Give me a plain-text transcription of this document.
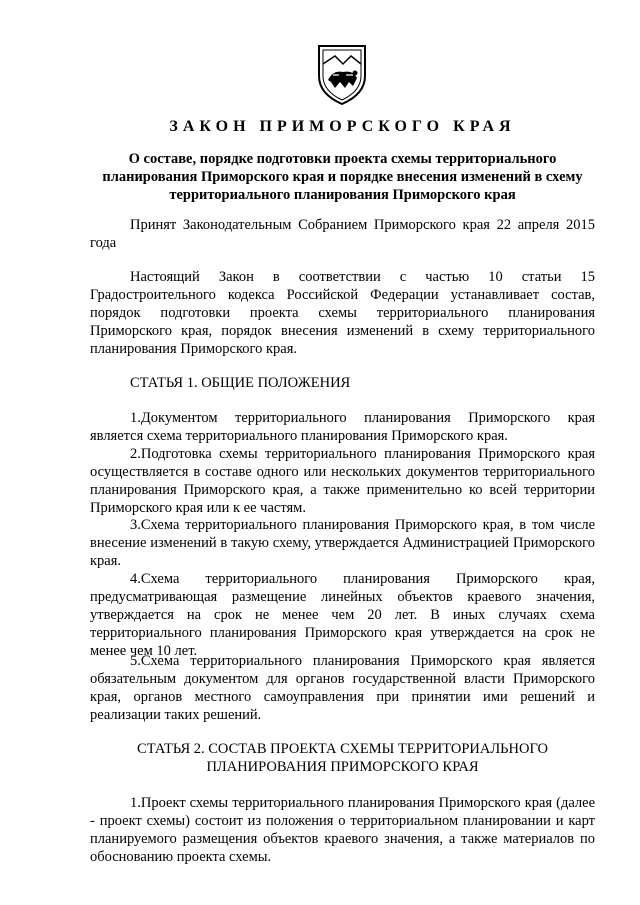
ЗАКОН ПРИМОРСКОГО КРАЯ
О составе, порядке подготовки проекта схемы территориального планирования Приморского края и порядке внесения изменений в схему территориального планирования Приморского края
Принят Законодательным Собранием Приморского края 22 апреля 2015 года
Настоящий Закон в соответствии с частью 10 статьи 15 Градостроительного кодекса Российской Федерации устанавливает состав, порядок подготовки проекта схемы территориального планирования Приморского края, порядок внесения изменений в схему территориального планирования Приморского края.
СТАТЬЯ 1. ОБЩИЕ ПОЛОЖЕНИЯ
1.Документом территориального планирования Приморского края является схема территориального планирования Приморского края.
2.Подготовка схемы территориального планирования Приморского края осуществляется в составе одного или нескольких документов территориального планирования Приморского края, а также применительно ко всей территории Приморского края или к ее частям.
3.Схема территориального планирования Приморского края, в том числе внесение изменений в такую схему, утверждается Администрацией Приморского края.
4.Схема территориального планирования Приморского края, предусматривающая размещение линейных объектов краевого значения, утверждается на срок не менее чем 20 лет. В иных случаях схема территориального планирования Приморского края утверждается на срок не менее чем 10 лет.
5.Схема территориального планирования Приморского края является обязательным документом для органов государственной власти Приморского края, органов местного самоуправления при принятии ими решений и реализации таких решений.
СТАТЬЯ 2. СОСТАВ ПРОЕКТА СХЕМЫ ТЕРРИТОРИАЛЬНОГО ПЛАНИРОВАНИЯ ПРИМОРСКОГО КРАЯ
1.Проект схемы территориального планирования Приморского края (далее - проект схемы) состоит из положения о территориальном планировании и карт планируемого размещения объектов краевого значения, а также материалов по обоснованию проекта схемы.
